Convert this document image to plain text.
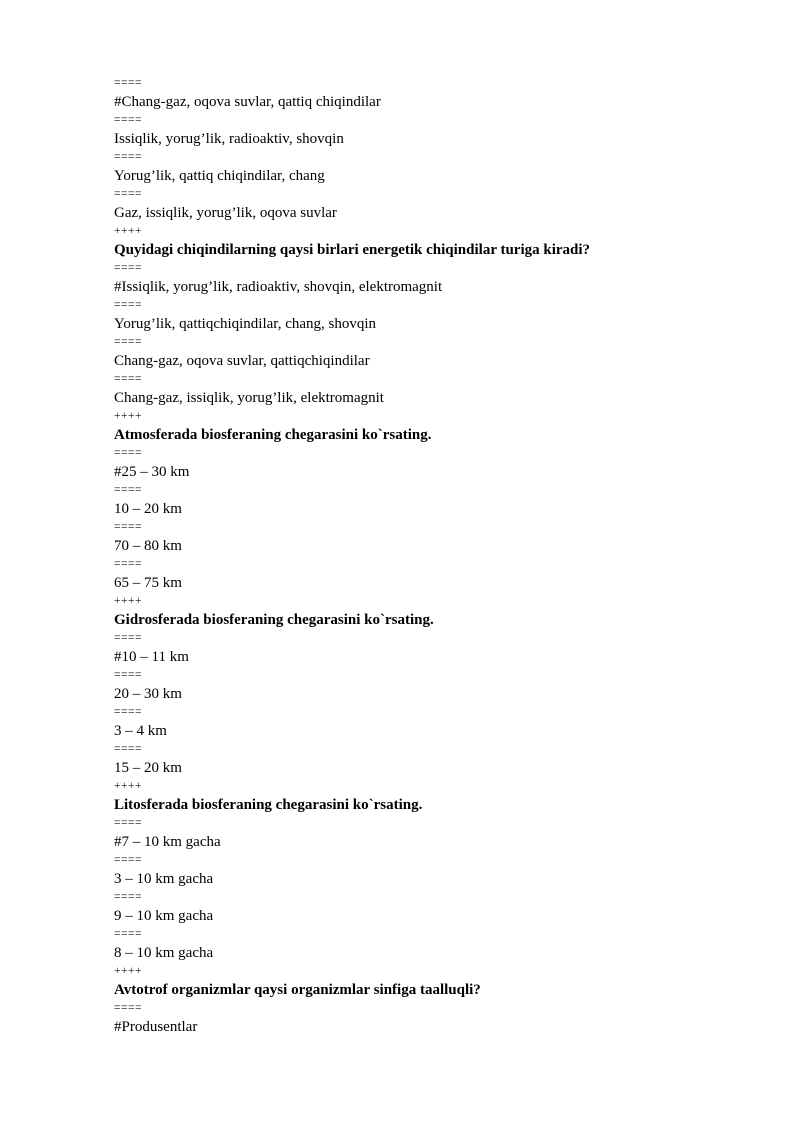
====
#Chang-gaz, oqova suvlar, qattiq chiqindilar
====
Issiqlik, yorug’lik, radioaktiv, shovqin
====
Yorug’lik, qattiq chiqindilar, chang
====
Gaz, issiqlik, yorug’lik, oqova suvlar
++++
Quyidagi chiqindilarning qaysi birlari energetik chiqindilar turiga kiradi?
====
#Issiqlik, yorug’lik, radioaktiv, shovqin, elektromagnit
====
Yorug’lik, qattiqchiqindilar, chang, shovqin
====
Chang-gaz, oqova suvlar, qattiqchiqindilar
====
Chang-gaz, issiqlik, yorug’lik, elektromagnit
++++
Atmosferada biosferaning chegarasini ko`rsating.
====
#25 – 30 km
====
10 – 20 km
====
70 – 80 km
====
65 – 75 km
++++
Gidrosferada biosferaning chegarasini ko`rsating.
====
#10 – 11 km
====
20 – 30 km
====
3 – 4 km
====
15 – 20 km
++++
Litosferada biosferaning chegarasini ko`rsating.
====
#7 – 10 km gacha
====
3 – 10 km gacha
====
9 – 10 km gacha
====
8 – 10 km gacha
++++
Avtotrof organizmlar qaysi organizmlar sinfiga taalluqli?
====
#Produsentlar
